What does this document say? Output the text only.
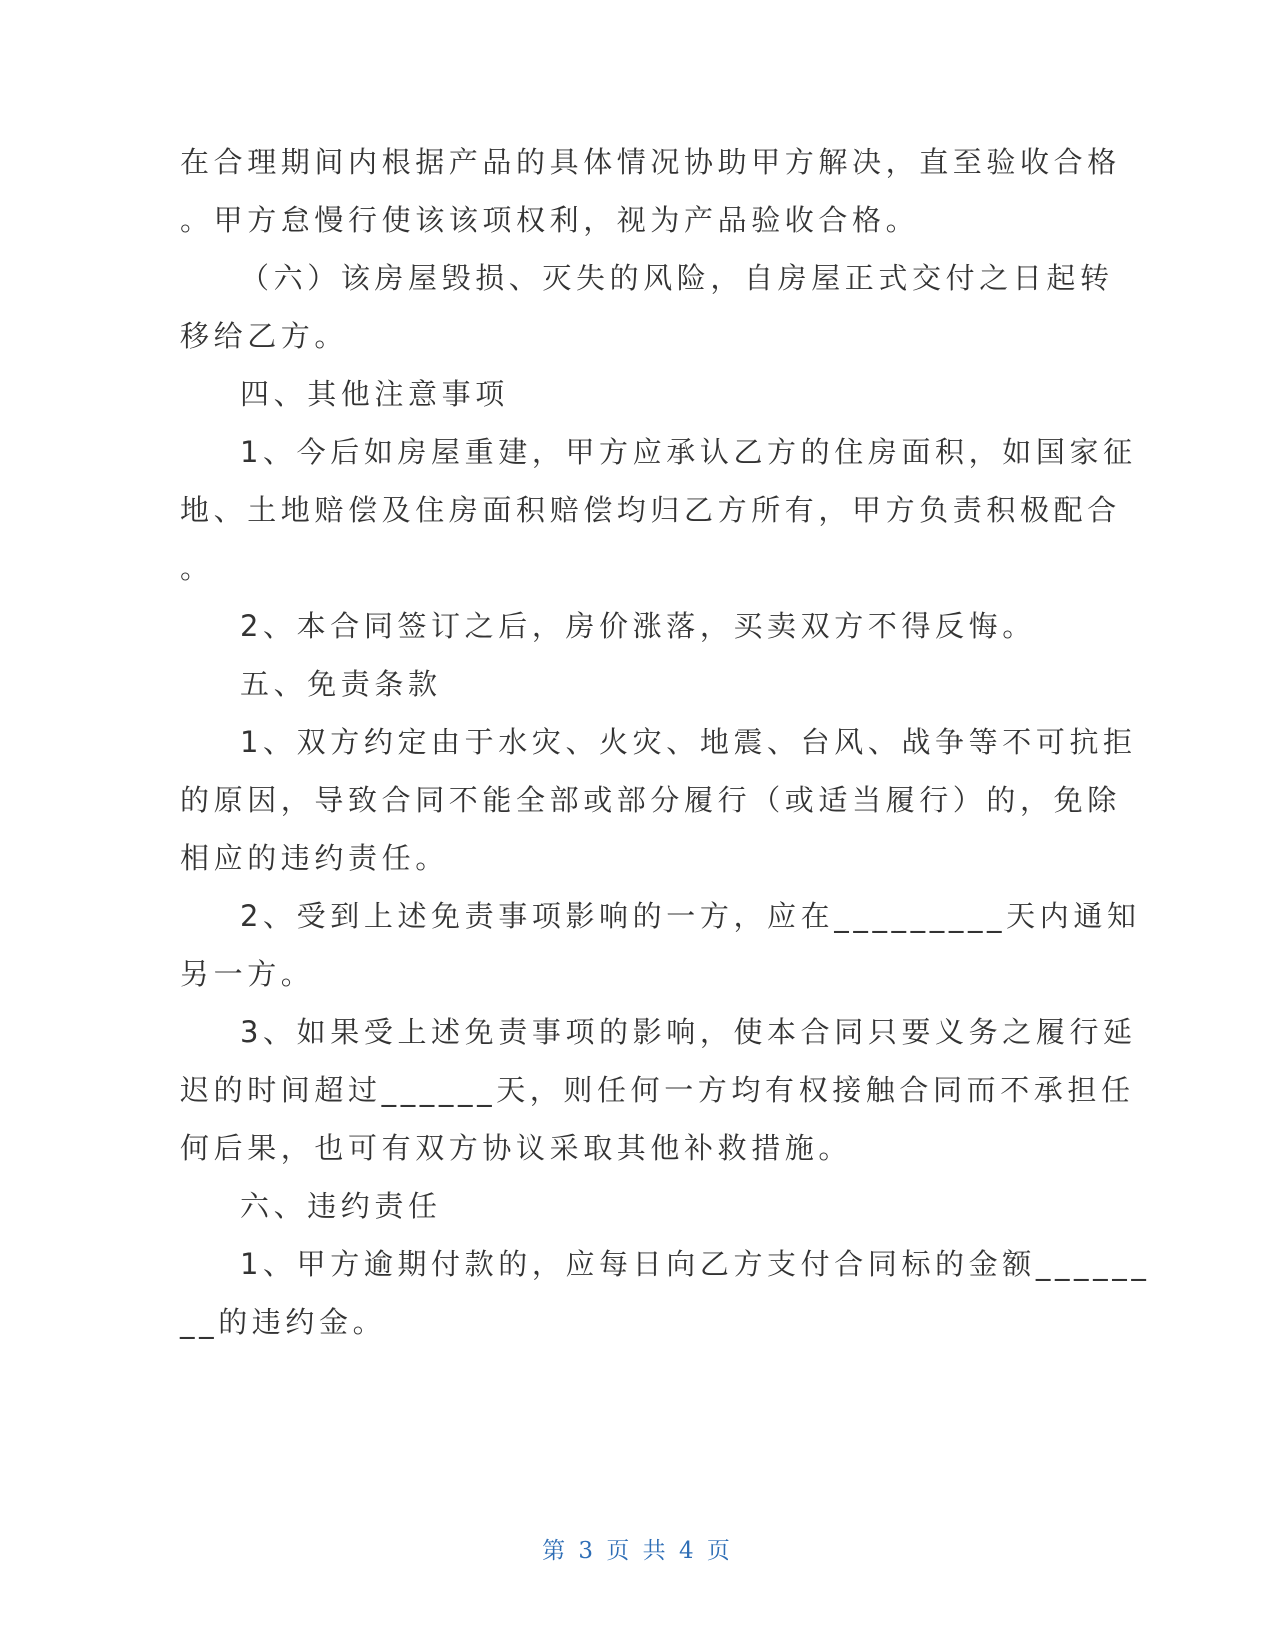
在合理期间内根据产品的具体情况协助甲方解决，直至验收合格
。甲方怠慢行使该该项权利，视为产品验收合格。
（六）该房屋毁损、灭失的风险，自房屋正式交付之日起转
移给乙方。
四、其他注意事项
1、今后如房屋重建，甲方应承认乙方的住房面积，如国家征
地、土地赔偿及住房面积赔偿均归乙方所有，甲方负责积极配合
。
2、本合同签订之后，房价涨落，买卖双方不得反悔。
五、免责条款
1、双方约定由于水灾、火灾、地震、台风、战争等不可抗拒
的原因，导致合同不能全部或部分履行（或适当履行）的，免除
相应的违约责任。
2、受到上述免责事项影响的一方，应在_________天内通知
另一方。
3、如果受上述免责事项的影响，使本合同只要义务之履行延
迟的时间超过______天，则任何一方均有权接触合同而不承担任
何后果，也可有双方协议采取其他补救措施。
六、违约责任
1、甲方逾期付款的，应每日向乙方支付合同标的金额______
__的违约金。
第 3 页 共 4 页
